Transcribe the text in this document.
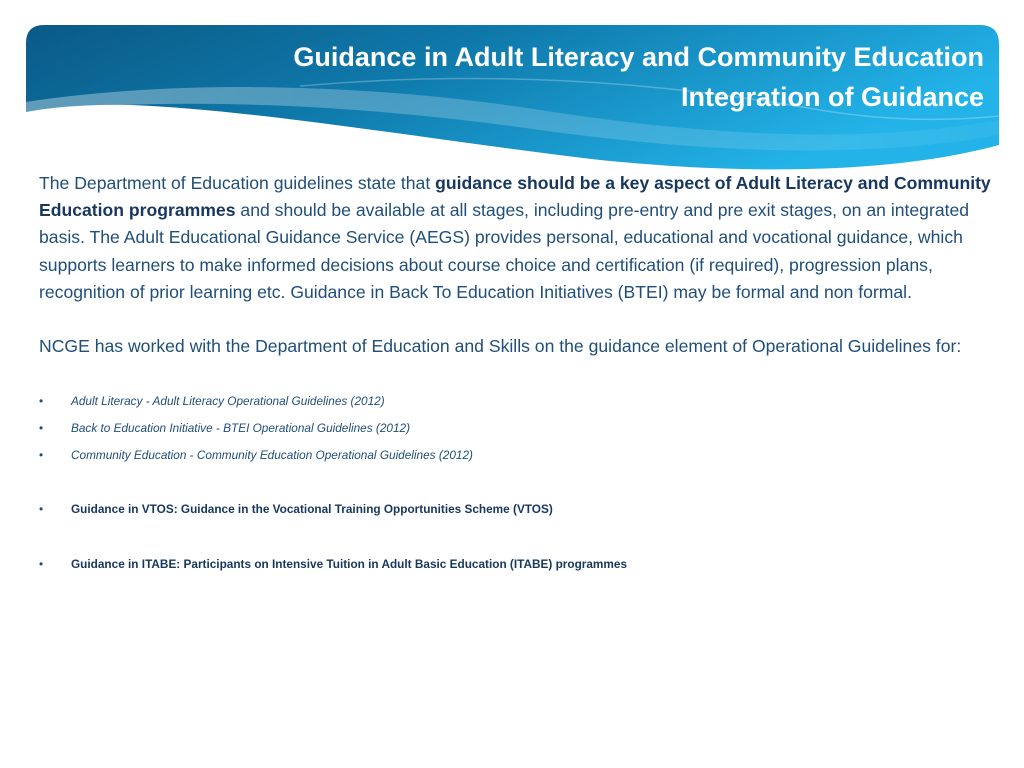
Guidance in Adult Literacy and Community Education
Integration of Guidance

The Department of Education guidelines state that guidance should be a key aspect of Adult Literacy and Community Education programmes and should be available at all stages, including pre-entry and pre exit stages, on an integrated basis. The Adult Educational Guidance Service (AEGS) provides personal, educational and vocational guidance, which supports learners to make informed decisions about course choice and certification (if required), progression plans, recognition of prior learning etc. Guidance in Back To Education Initiatives (BTEI) may be formal and non formal.

NCGE has worked with the Department of Education and Skills on the guidance element of Operational Guidelines for:

• Adult Literacy - Adult Literacy Operational Guidelines (2012)
• Back to Education Initiative - BTEI Operational Guidelines (2012)
• Community Education - Community Education Operational Guidelines (2012)
• Guidance in VTOS: Guidance in the Vocational Training Opportunities Scheme (VTOS)
• Guidance in ITABE: Participants on Intensive Tuition in Adult Basic Education (ITABE) programmes
